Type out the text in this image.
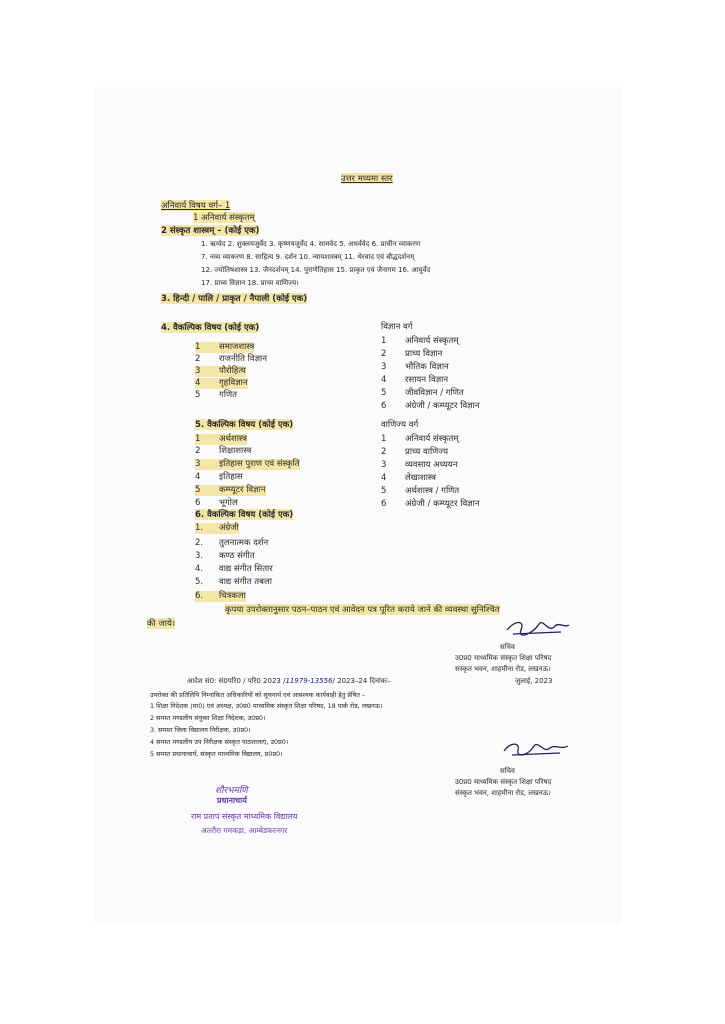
उत्तर मध्यमा स्तर
अनिवार्य विषय वर्ग– 1
1 अनिवार्य संस्कृतम्
2 संस्कृत शास्त्रम् – (कोई एक)
1. ऋग्वेद 2. शुक्लयजुर्वेद 3. कृष्णयजुर्वेद 4. सामवेद 5. अथर्ववेद 6. प्राचीन व्याकरण
7. नव्य व्याकरण 8. साहित्य 9. दर्शन 10. न्यायशास्त्रम् 11. थेरवाद एवं बौद्धदर्शनम्
12. ज्योतिषशास्त्र 13. जैनदर्शनम् 14. पुराणेतिहास 15. प्राकृत एवं जैनागम 16. आयुर्वेद
17. प्राच्य विज्ञान 18. प्राच्य वाणिज्य।
3. हिन्दी / पालि / प्राकृत / नैपाली (कोई एक)
4. वैकल्पिक विषय (कोई एक)
1 समाजशास्त्र
2 राजनीति विज्ञान
3 पौरोहित्य
4 गृहविज्ञान
5 गणित
5. वैकल्पिक विषय (कोई एक)
1 अर्थशास्त्र
2 शिक्षाशास्त्र
3 इतिहास पुराण एवं संस्कृति
4 इतिहास
5 कम्प्यूटर विज्ञान
6 भूगोल
6. वैकल्पिक विषय (कोई एक)
1. अंग्रेजी
2. तुलनात्मक दर्शन
3. कण्ठ संगीत
4. वाद्य संगीत सितार
5. वाद्य संगीत तबला
6. चित्रकला
विज्ञान वर्ग
1 अनिवार्य संस्कृतम्
2 प्राच्य विज्ञान
3 भौतिक विज्ञान
4 रसायन विज्ञान
5 जीवविज्ञान / गणित
6 अंग्रेजी / कम्प्यूटर विज्ञान
वाणिज्य वर्ग
1 अनिवार्य संस्कृतम्
2 प्राच्य वाणिज्य
3 व्यवसाय अध्ययन
4 लेखाशास्त्र
5 अर्थशास्त्र / गणित
6 अंग्रेजी / कम्प्यूटर विज्ञान
कृपया उपरोक्तानुसार पठन–पाठन एवं आवेदन पत्र पूरित कराये जाने की व्यवस्था सुनिश्चित
की जाये।
सचिव
उ0प्र0 माध्यमिक संस्कृत शिक्षा परिषद
संस्कृत भवन, शाहमीना रोड, लखनऊ।
आदेश सं0: सं0परि0 / परि0 2023 /11979-13556/ 2023–24 दिनांकः–	जुलाई, 2023
उपरोक्त की प्रतिलिपि निम्नांकित अधिकारियों को सूचनार्थ एवं आवश्यक कार्यवाही हेतु प्रेषित –
1 शिक्षा निदेशक (मा0) एवं अध्यक्ष, उ0प्र0 माध्यमिक संस्कृत शिक्षा परिषद, 18 पार्क रोड, लखनऊ।
2 समस्त मण्डलीय संयुक्त शिक्षा निदेशक, उ0प्र0।
3. समस्त जिला विद्यालय निरीक्षक, उ0प्र0।
4 समस्त मण्डलीय उप निरीक्षक संस्कृत पाठशालाएं, उ0प्र0।
5 समस्त प्रधानाचार्य, संस्कृत माध्यमिक विद्यालय, प्र0प्र0।
सचिव
उ0प्र0 माध्यमिक संस्कृत शिक्षा परिषद
संस्कृत भवन, शाहमीना रोड, लखनऊ।
शौरभमणि
प्रधानाचार्य
राम प्रताप संस्कृत माध्यमिक विद्यालय
अतरौरा गमकड़ा, आम्बेडकरनगर
